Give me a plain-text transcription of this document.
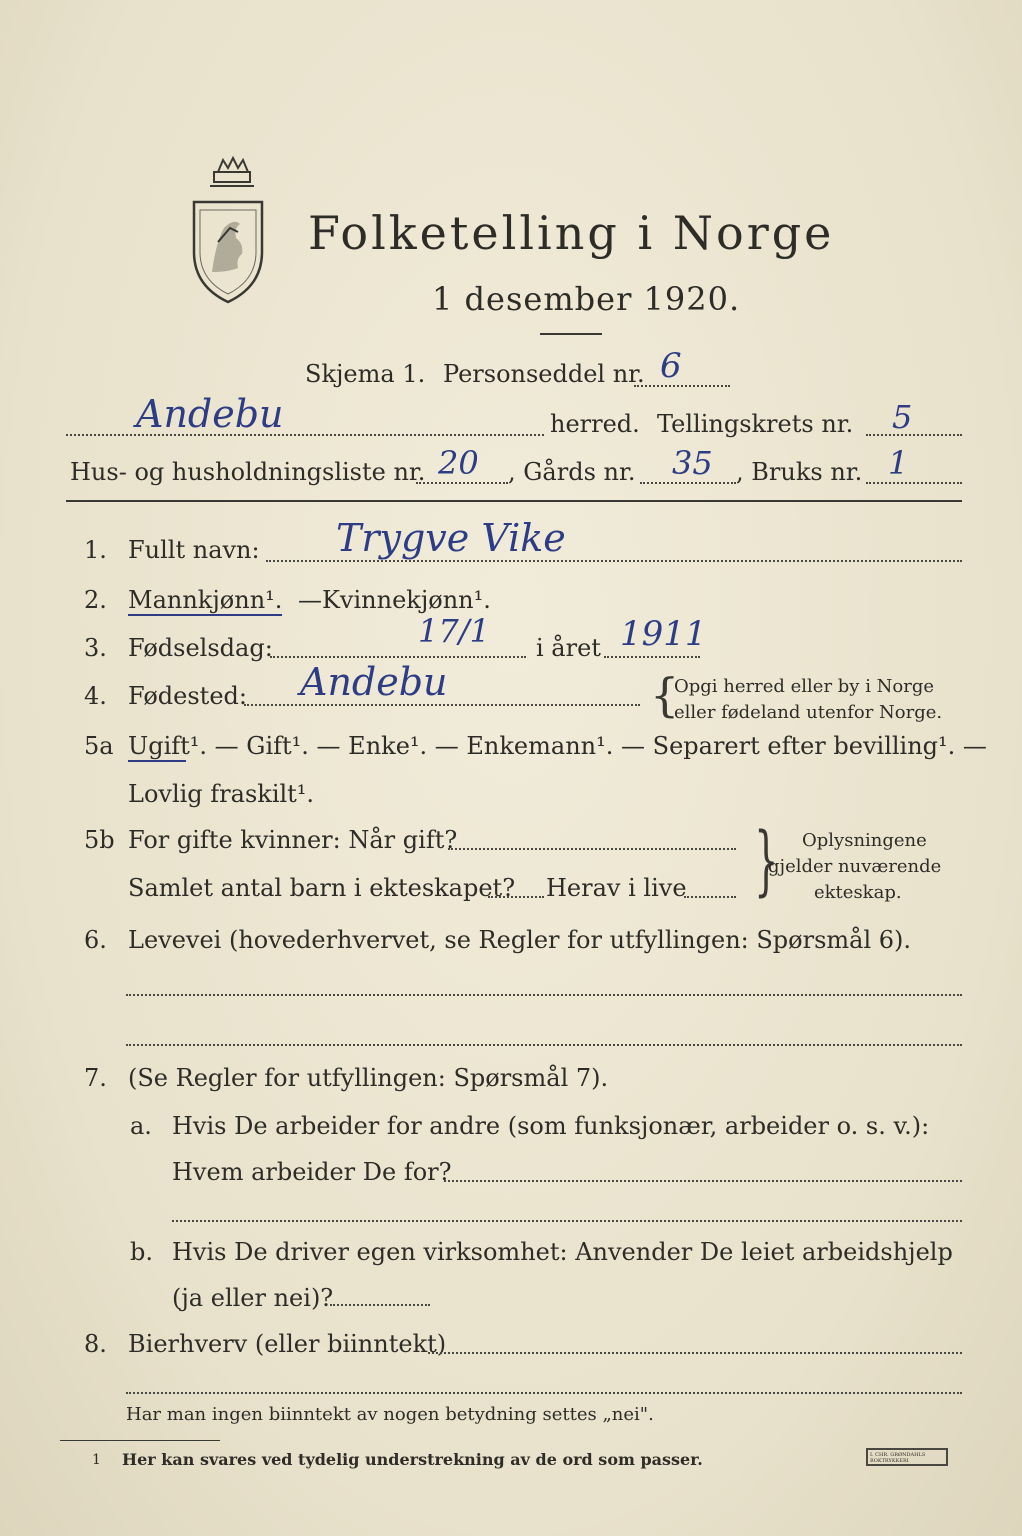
Folketelling i Norge
1 desember 1920.
Skjema 1. Personseddel nr. 6
Andebu	herred. Tellingskrets nr. 5
Hus- og husholdningsliste nr. 20 , Gårds nr. 35 , Bruks nr. 1
1. Fullt navn: Trygve Vike
2. Mannkjønn¹. — Kvinnekjønn¹.
3. Fødselsdag:	17/1 i året 1911
4. Fødested: Andebu	{
Opgi herred eller by i Norge
eller fødeland utenfor Norge.
5a Ugift¹. — Gift¹. — Enke¹. — Enkemann¹. — Separert efter bevilling¹. —
Lovlig fraskilt¹.
5b For gifte kvinner: Når gift?
Samlet antal barn i ekteskapet? Herav i live } Oplysningene
gjelder nuværende
ekteskap.
6. Levevei (hovederhvervet, se Regler for utfyllingen: Spørsmål 6).
7. (Se Regler for utfyllingen: Spørsmål 7).
a. Hvis De arbeider for andre (som funksjonær, arbeider o. s. v.):
Hvem arbeider De for?
b. Hvis De driver egen virksomhet: Anvender De leiet arbeidshjelp
(ja eller nei)?
8. Bierhverv (eller biinntekt)
Har man ingen biinntekt av nogen betydning settes „nei".
1 Her kan svares ved tydelig understrekning av de ord som passer.	I. CHR. GRØNDAHLS BOKTRYKKERI
